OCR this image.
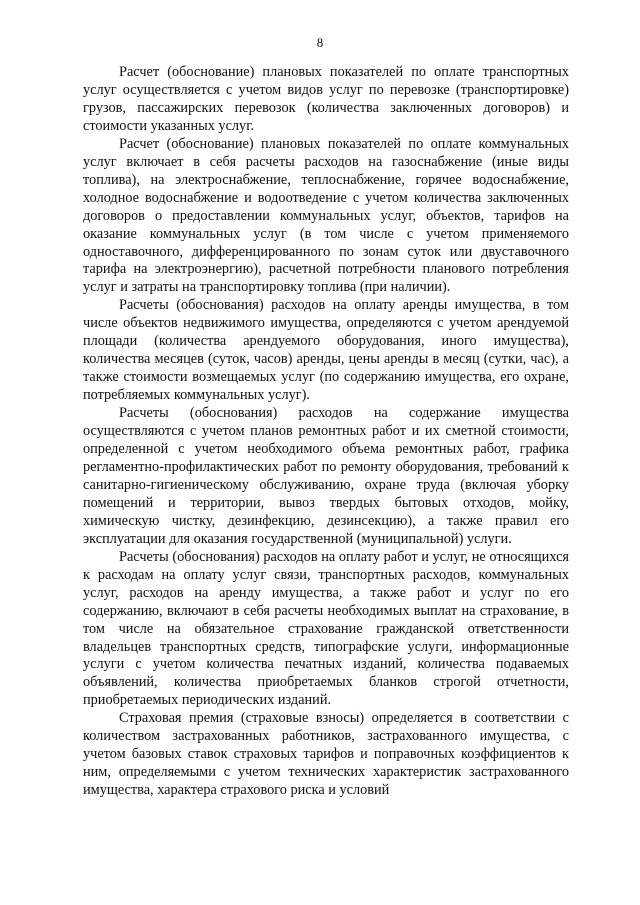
8

Расчет (обоснование) плановых показателей по оплате транспортных услуг осуществляется с учетом видов услуг по перевозке (транспортировке) грузов, пассажирских перевозок (количества заключенных договоров) и стоимости указанных услуг.

Расчет (обоснование) плановых показателей по оплате коммунальных услуг включает в себя расчеты расходов на газоснабжение (иные виды топлива), на электроснабжение, теплоснабжение, горячее водоснабжение, холодное водоснабжение и водоотведение с учетом количества заключенных договоров о предоставлении коммунальных услуг, объектов, тарифов на оказание коммунальных услуг (в том числе с учетом применяемого одноставочного, дифференцированного по зонам суток или двуставочного тарифа на электроэнергию), расчетной потребности планового потребления услуг и затраты на транспортировку топлива (при наличии).

Расчеты (обоснования) расходов на оплату аренды имущества, в том числе объектов недвижимого имущества, определяются с учетом арендуемой площади (количества арендуемого оборудования, иного имущества), количества месяцев (суток, часов) аренды, цены аренды в месяц (сутки, час), а также стоимости возмещаемых услуг (по содержанию имущества, его охране, потребляемых коммунальных услуг).

Расчеты (обоснования) расходов на содержание имущества осуществляются с учетом планов ремонтных работ и их сметной стоимости, определенной с учетом необходимого объема ремонтных работ, графика регламентно-профилактических работ по ремонту оборудования, требований к санитарно-гигиеническому обслуживанию, охране труда (включая уборку помещений и территории, вывоз твердых бытовых отходов, мойку, химическую чистку, дезинфекцию, дезинсекцию), а также правил его эксплуатации для оказания государственной (муниципальной) услуги.

Расчеты (обоснования) расходов на оплату работ и услуг, не относящихся к расходам на оплату услуг связи, транспортных расходов, коммунальных услуг, расходов на аренду имущества, а также работ и услуг по его содержанию, включают в себя расчеты необходимых выплат на страхование, в том числе на обязательное страхование гражданской ответственности владельцев транспортных средств, типографские услуги, информационные услуги с учетом количества печатных изданий, количества подаваемых объявлений, количества приобретаемых бланков строгой отчетности, приобретаемых периодических изданий.

Страховая премия (страховые взносы) определяется в соответствии с количеством застрахованных работников, застрахованного имущества, с учетом базовых ставок страховых тарифов и поправочных коэффициентов к ним, определяемыми с учетом технических характеристик застрахованного имущества, характера страхового риска и условий
